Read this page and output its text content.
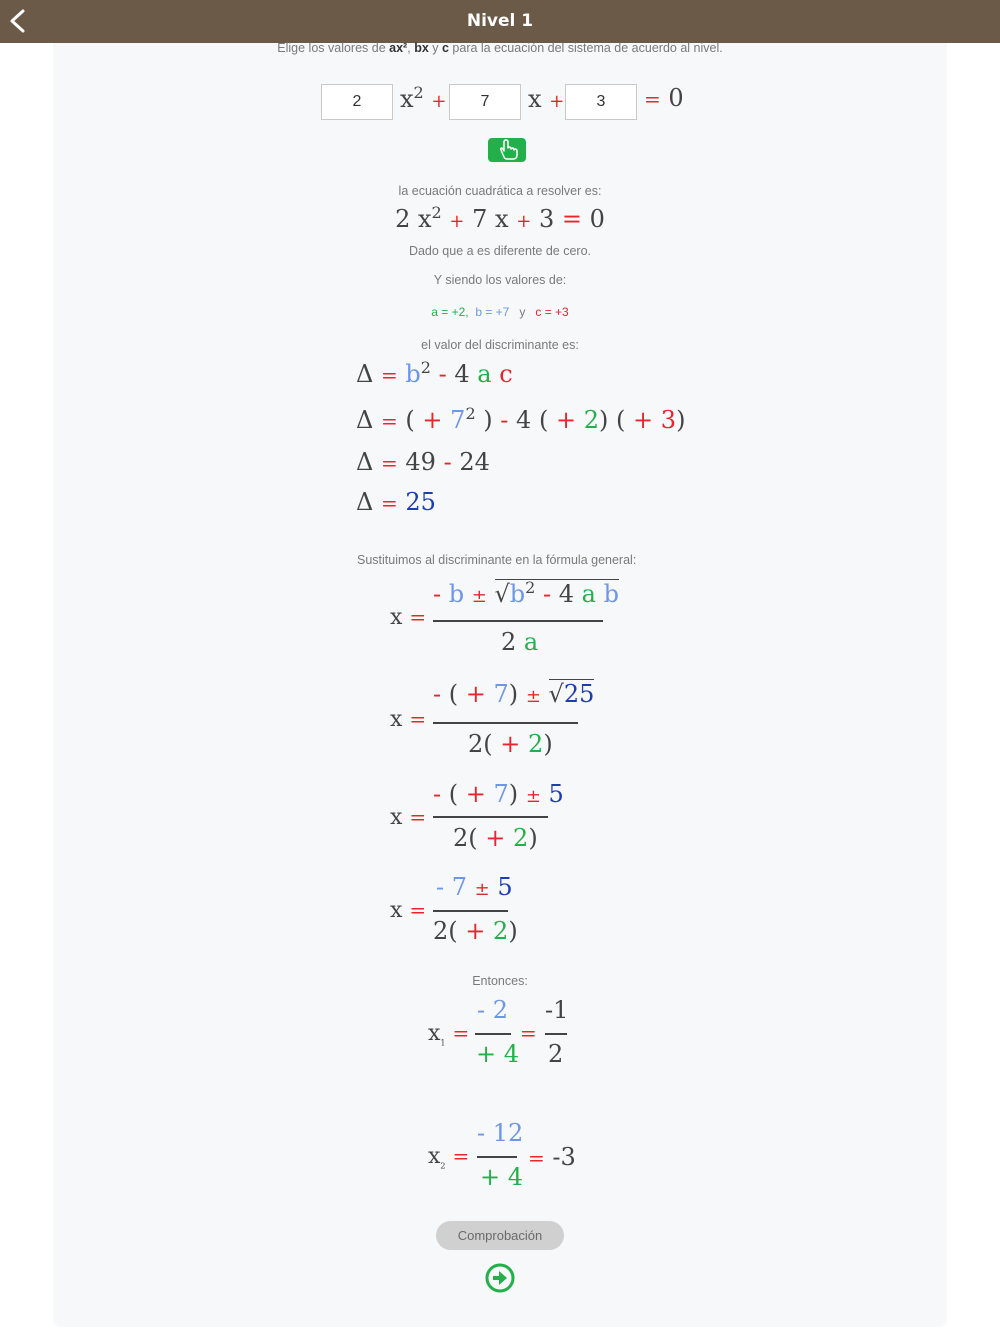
Nivel 1
Elige los valores de ax², bx y c para la ecuación del sistema de acuerdo al nivel.
2
$x^2$ +
7	x +
3	= 0
la ecuación cuadrática a resolver es:
2 $x^2 + 7$ x + 3 = 0
Dado que a es diferente de cero.
Y siendo los valores de:
a = +2, b = +7 y c = +3
el valor del discriminante es:
$\Delta = b^2 - 4$ a c
Δ = ( + $7^2$ ) - 4 ( + 2) ( + 3)
Δ = 49 - 24
Δ = 25
Sustituimos al discriminante en la fórmula general:
x =
- $b \pm √b^2 - 4$ a b
2 a
x =
- ( + 7) ± √25
2( + 2)
x =
- ( + 7) ± 5
2( + 2)
x =
- 7 ± 5
2( + 2)
Entonces:
$x_1$ =
- 2
+ 4
=
-1
2
$x_2$ =
- 12
+ 4
= -3
Comprobación
